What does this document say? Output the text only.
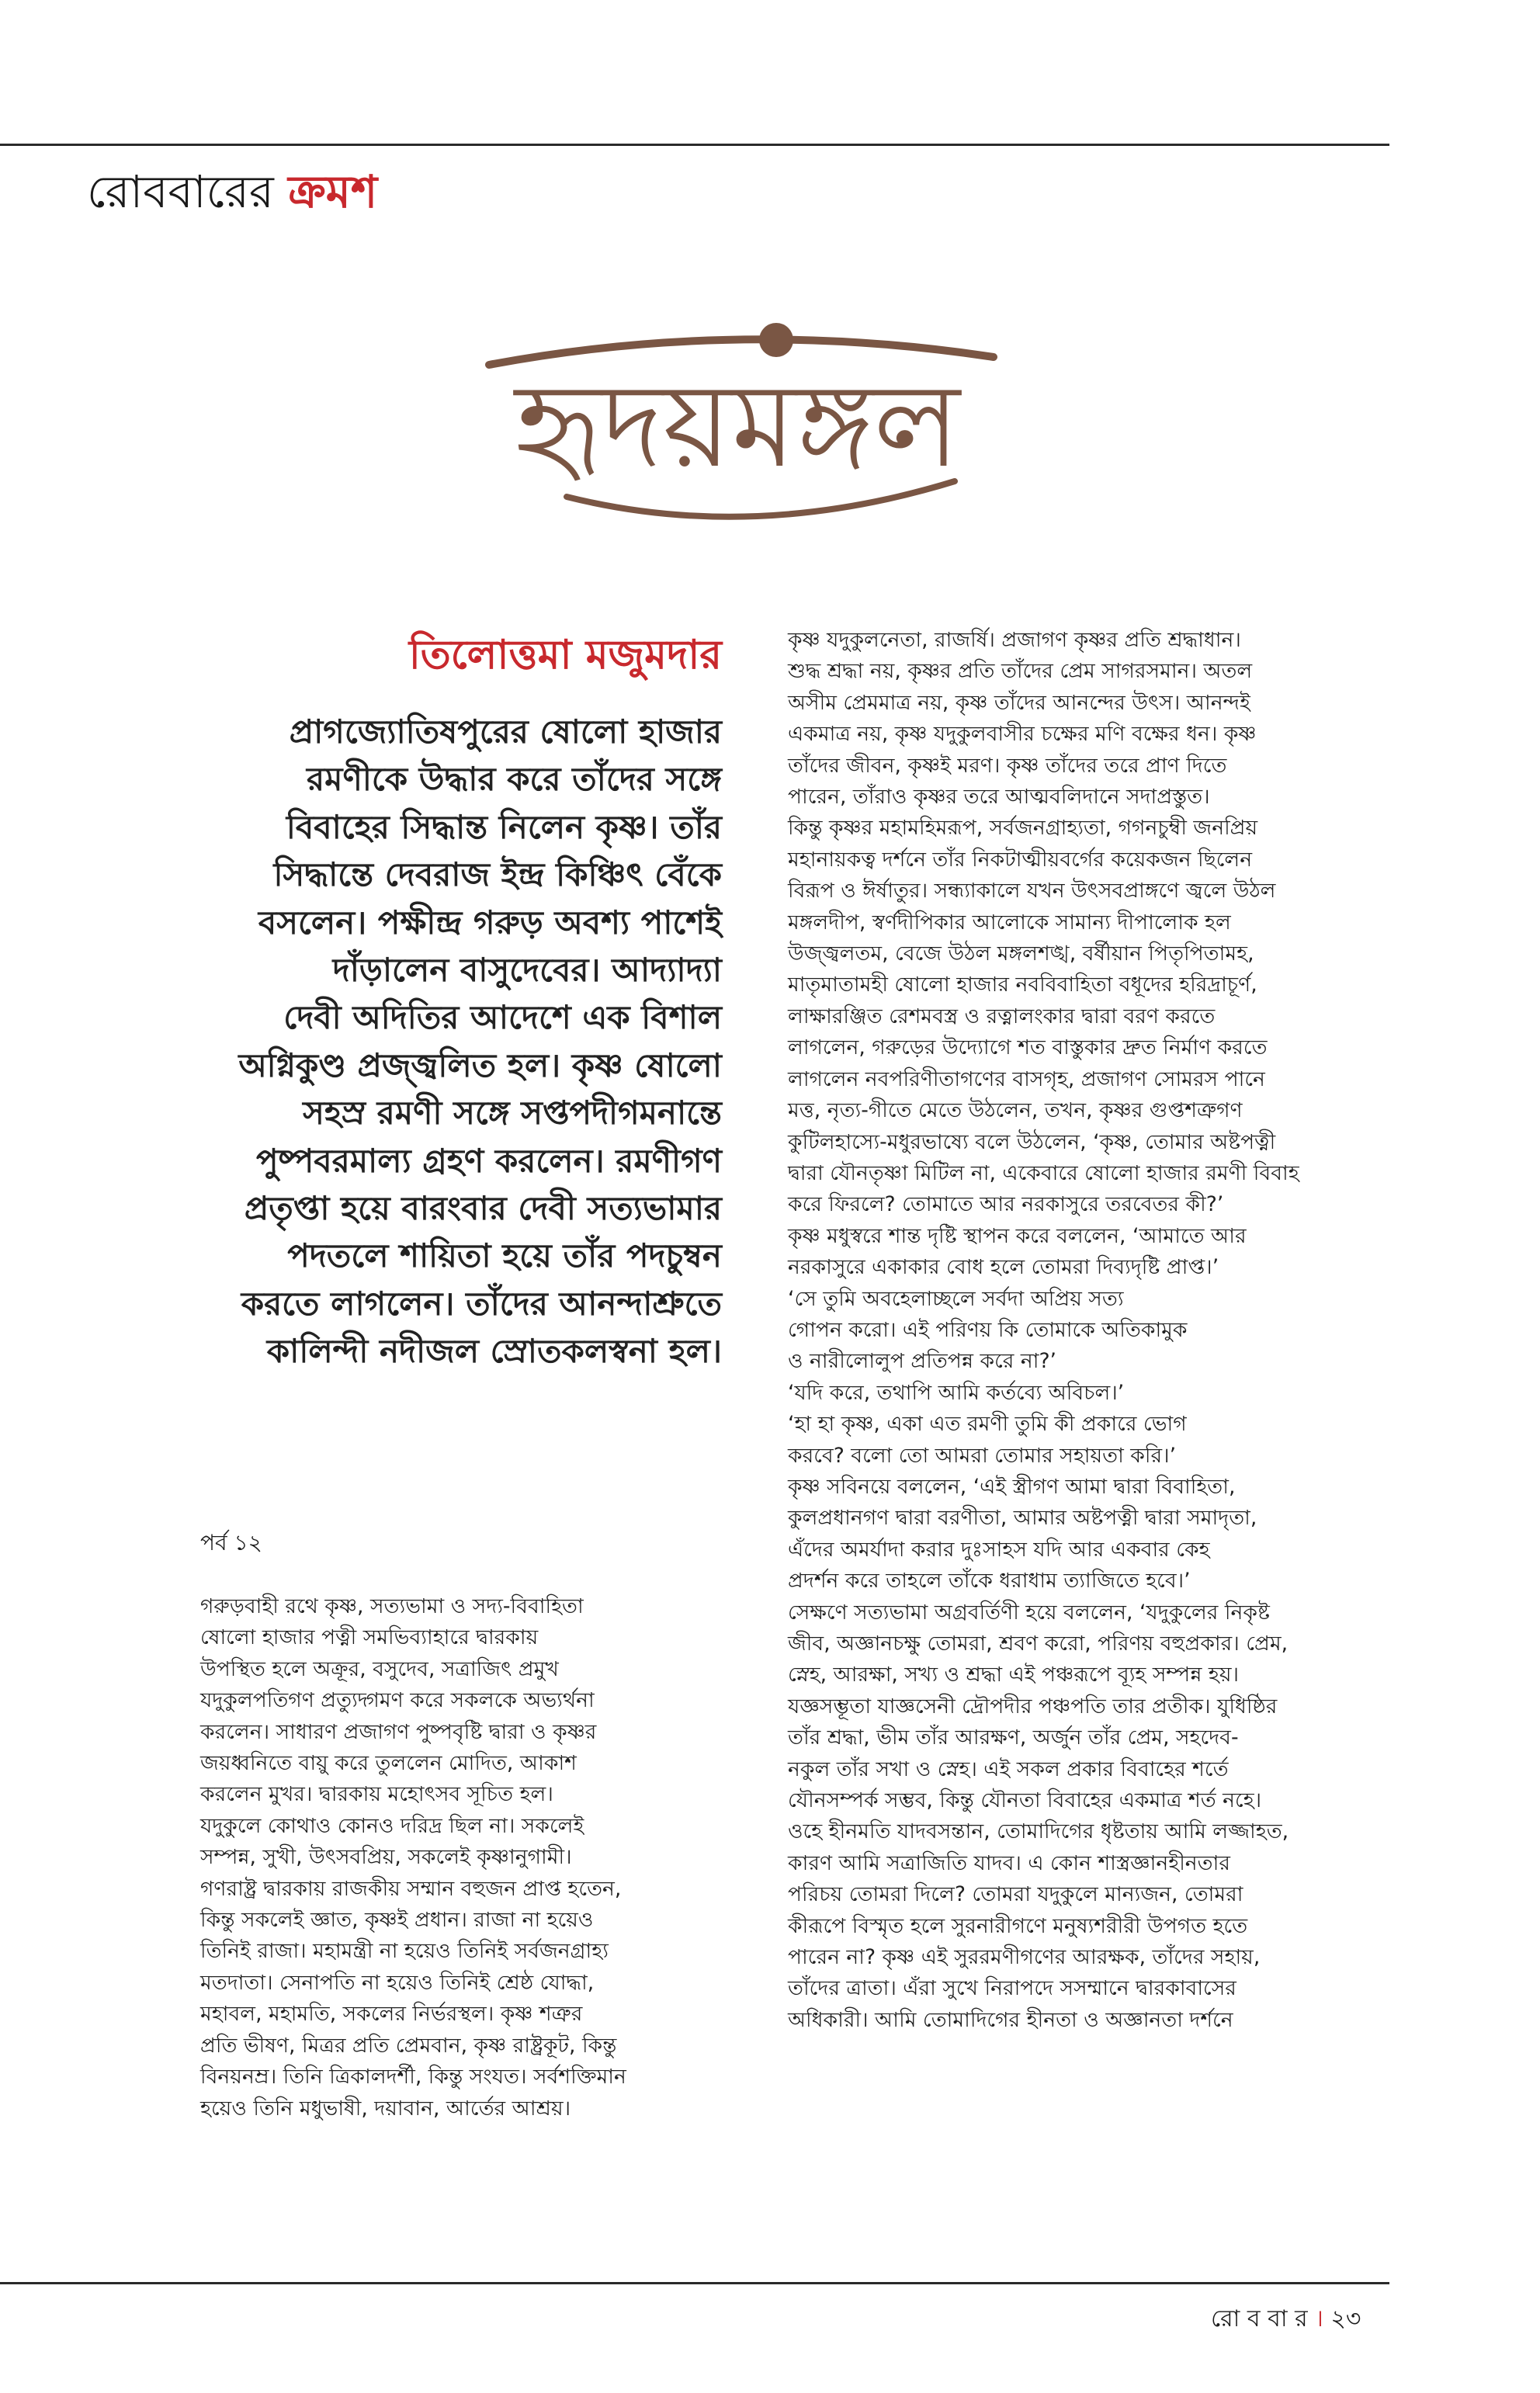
রোববারের ক্রমশ
হৃদয়মঙ্গল
তিলোত্তমা মজুমদার
প্রাগজ্যোতিষপুরের ষোলো হাজার
রমণীকে উদ্ধার করে তাঁদের সঙ্গে
বিবাহের সিদ্ধান্ত নিলেন কৃষ্ণ। তাঁর
সিদ্ধান্তে দেবরাজ ইন্দ্র কিঞ্চিৎ বেঁকে
বসলেন। পক্ষীন্দ্র গরুড় অবশ্য পাশেই
দাঁড়ালেন বাসুদেবের। আদ্যাদ্যা
দেবী অদিতির আদেশে এক বিশাল
অগ্নিকুণ্ড প্রজ্জ্বলিত হল। কৃষ্ণ ষোলো
সহস্র রমণী সঙ্গে সপ্তপদীগমনান্তে
পুষ্পবরমাল্য গ্রহণ করলেন। রমণীগণ
প্রতৃপ্তা হয়ে বারংবার দেবী সত্যভামার
পদতলে শায়িতা হয়ে তাঁর পদচুম্বন
করতে লাগলেন। তাঁদের আনন্দাশ্রুতে
কালিন্দী নদীজল স্রোতকলস্বনা হল।
পর্ব ১২
গরুড়বাহী রথে কৃষ্ণ, সত্যভামা ও সদ্য-বিবাহিতা
ষোলো হাজার পত্নী সমভিব্যাহারে দ্বারকায়
উপস্থিত হলে অক্রূর, বসুদেব, সত্রাজিৎ প্রমুখ
যদুকুলপতিগণ প্রত্যুদ্গমণ করে সকলকে অভ্যর্থনা
করলেন। সাধারণ প্রজাগণ পুষ্পবৃষ্টি দ্বারা ও কৃষ্ণর
জয়ধ্বনিতে বায়ু করে তুললেন মোদিত, আকাশ
করলেন মুখর। দ্বারকায় মহোৎসব সূচিত হল।
যদুকুলে কোথাও কোনও দরিদ্র ছিল না। সকলেই
সম্পন্ন, সুখী, উৎসবপ্রিয়, সকলেই কৃষ্ণানুগামী।
গণরাষ্ট্র দ্বারকায় রাজকীয় সম্মান বহুজন প্রাপ্ত হতেন,
কিন্তু সকলেই জ্ঞাত, কৃষ্ণই প্রধান। রাজা না হয়েও
তিনিই রাজা। মহামন্ত্রী না হয়েও তিনিই সর্বজনগ্রাহ্য
মতদাতা। সেনাপতি না হয়েও তিনিই শ্রেষ্ঠ যোদ্ধা,
মহাবল, মহামতি, সকলের নির্ভরস্থল। কৃষ্ণ শত্রুর
প্রতি ভীষণ, মিত্রর প্রতি প্রেমবান, কৃষ্ণ রাষ্ট্রকূট, কিন্তু
বিনয়নম্র। তিনি ত্রিকালদর্শী, কিন্তু সংযত। সর্বশক্তিমান
হয়েও তিনি মধুভাষী, দয়াবান, আর্তের আশ্রয়।
কৃষ্ণ যদুকুলনেতা, রাজর্ষি। প্রজাগণ কৃষ্ণর প্রতি শ্রদ্ধাধান।
শুদ্ধ শ্রদ্ধা নয়, কৃষ্ণর প্রতি তাঁদের প্রেম সাগরসমান। অতল
অসীম প্রেমমাত্র নয়, কৃষ্ণ তাঁদের আনন্দের উৎস। আনন্দই
একমাত্র নয়, কৃষ্ণ যদুকুলবাসীর চক্ষের মণি বক্ষের ধন। কৃষ্ণ
তাঁদের জীবন, কৃষ্ণই মরণ। কৃষ্ণ তাঁদের তরে প্রাণ দিতে
পারেন, তাঁরাও কৃষ্ণর তরে আত্মবলিদানে সদাপ্রস্তুত।
কিন্তু কৃষ্ণর মহামহিমরূপ, সর্বজনগ্রাহ্যতা, গগনচুম্বী জনপ্রিয়
মহানায়কত্ব দর্শনে তাঁর নিকটাত্মীয়বর্গের কয়েকজন ছিলেন
বিরূপ ও ঈর্ষাতুর। সন্ধ্যাকালে যখন উৎসবপ্রাঙ্গণে জ্বলে উঠল
মঙ্গলদীপ, স্বর্ণদীপিকার আলোকে সামান্য দীপালোক হল
উজ্জ্বলতম, বেজে উঠল মঙ্গলশঙ্খ, বর্ষীয়ান পিতৃপিতামহ,
মাতৃমাতামহী ষোলো হাজার নববিবাহিতা বধূদের হরিদ্রাচূর্ণ,
লাক্ষারঞ্জিত রেশমবস্ত্র ও রত্নালংকার দ্বারা বরণ করতে
লাগলেন, গরুড়ের উদ্যোগে শত বাস্তুকার দ্রুত নির্মাণ করতে
লাগলেন নবপরিণীতাগণের বাসগৃহ, প্রজাগণ সোমরস পানে
মত্ত, নৃত্য-গীতে মেতে উঠলেন, তখন, কৃষ্ণর গুপ্তশত্রুগণ
কুটিলহাস্যে-মধুরভাষ্যে বলে উঠলেন, ‘কৃষ্ণ, তোমার অষ্টপত্নী
দ্বারা যৌনতৃষ্ণা মিটিল না, একেবারে ষোলো হাজার রমণী বিবাহ
করে ফিরলে? তোমাতে আর নরকাসুরে তরবেতর কী?’
কৃষ্ণ মধুস্বরে শান্ত দৃষ্টি স্থাপন করে বললেন, ‘আমাতে আর
নরকাসুরে একাকার বোধ হলে তোমরা দিব্যদৃষ্টি প্রাপ্ত।’
‘সে তুমি অবহেলাচ্ছলে সর্বদা অপ্রিয় সত্য
গোপন করো। এই পরিণয় কি তোমাকে অতিকামুক
ও নারীলোলুপ প্রতিপন্ন করে না?’
‘যদি করে, তথাপি আমি কর্তব্যে অবিচল।’
‘হা হা কৃষ্ণ, একা এত রমণী তুমি কী প্রকারে ভোগ
করবে? বলো তো আমরা তোমার সহায়তা করি।’
কৃষ্ণ সবিনয়ে বললেন, ‘এই স্ত্রীগণ আমা দ্বারা বিবাহিতা,
কুলপ্রধানগণ দ্বারা বরণীতা, আমার অষ্টপত্নী দ্বারা সমাদৃতা,
এঁদের অমর্যাদা করার দুঃসাহস যদি আর একবার কেহ
প্রদর্শন করে তাহলে তাঁকে ধরাধাম ত্যাজিতে হবে।’
সেক্ষণে সত্যভামা অগ্রবর্তিণী হয়ে বললেন, ‘যদুকুলের নিকৃষ্ট
জীব, অজ্ঞানচক্ষু তোমরা, শ্রবণ করো, পরিণয় বহুপ্রকার। প্রেম,
স্নেহ, আরক্ষা, সখ্য ও শ্রদ্ধা এই পঞ্চরূপে ব্যূহ সম্পন্ন হয়।
যজ্ঞসম্ভূতা যাজ্ঞসেনী দ্রৌপদীর পঞ্চপতি তার প্রতীক। যুধিষ্ঠির
তাঁর শ্রদ্ধা, ভীম তাঁর আরক্ষণ, অর্জুন তাঁর প্রেম, সহদেব-
নকুল তাঁর সখা ও স্নেহ। এই সকল প্রকার বিবাহের শর্তে
যৌনসম্পর্ক সম্ভব, কিন্তু যৌনতা বিবাহের একমাত্র শর্ত নহে।
ওহে হীনমতি যাদবসন্তান, তোমাদিগের ধৃষ্টতায় আমি লজ্জাহত,
কারণ আমি সত্রাজিতি যাদব। এ কোন শাস্ত্রজ্ঞানহীনতার
পরিচয় তোমরা দিলে? তোমরা যদুকুলে মান্যজন, তোমরা
কীরূপে বিস্মৃত হলে সুরনারীগণে মনুষ্যশরীরী উপগত হতে
পারেন না? কৃষ্ণ এই সুররমণীগণের আরক্ষক, তাঁদের সহায়,
তাঁদের ত্রাতা। এঁরা সুখে নিরাপদে সসম্মানে দ্বারকাবাসের
অধিকারী। আমি তোমাদিগের হীনতা ও অজ্ঞানতা দর্শনে
রো ব বা র । ২৩
